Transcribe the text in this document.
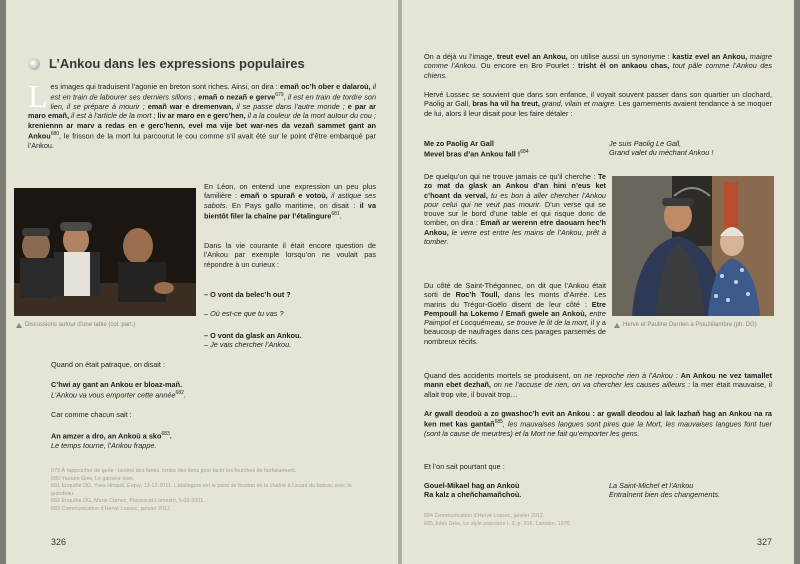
L’Ankou dans les expressions populaires
Les images qui traduisent l’agonie en breton sont riches. Ainsi, on dira : emañ oc’h ober e dalaroù, il est en train de labourer ses derniers sillons ; emañ o nezañ e gerve$^{679}$, il est en train de tordre son lien, il se prépare à mourir ; emañ war e dremenvan, il se passe dans l’autre monde ; e par ar maro emañ, il est à l’article de la mort ; liv ar maro en e gerc’hen, il a la couleur de la mort autour du cou ; kreniennn ar marv a redas en e gerc’henn, evel ma vije bet war-nes da vezañ sammet gant an Ankou$^{680}$, le frisson de la mort lui parcourut le cou comme s’il avait été sur le point d’être embarqué par l’Ankou.
Discussions autour d’une table (col. part.)
En Léon, on entend une expression un peu plus familière : emañ o spurañ e votoù, il astique ses sabots. En Pays gallo maritime, on disait : il va bientôt filer la chaîne par l’étalingure$^{681}$.
Dans la vie courante il était encore question de l’Ankou par exemple lorsqu’on ne voulait pas répondre à un curieux :
– O vont da belec’h out ?
– Où est-ce que tu vas ?
– O vont da glask an Ankou.
– Je vais chercher l’Ankou.
Quand on était patraque, on disait :
C’hwi ay gant an Ankou er bloaz-mañ.
L’Ankou va vous emporter cette année$^{682}$.
Car comme chacun sait :
An amzer a dro, an Ankoù a sko$^{683}$.
Le temps tourne, l’Ankou frappe.
679 À rapprocher de gerle : lanière des fanes, tordre des liens pour lacer les fourches de fanfaisement.
680 Yaouen Gow, Le garoeur ioan.
681 Enquête DG, Yves Hinault, Erquy, 13-12-2011. L’étalingure est le point de fixation de la chaîne à l’avant du bateau avec le guindeau.
682 Enquête DG, Marie Cornec, Plouescat-Lomestri, 5-03-2001.
683 Communication d’Hervé Lossec, janvier 2012.
326
On a déjà vu l’image, treut evel an Ankou, on utilise aussi un synonyme : kastiz evel an Ankou, maigre comme l’Ankou. Ou encore en Bro Pourlet : trisht èl on ankaou chas, tout pâle comme l’Ankou des chiens.
Hervé Lossec se souvient que dans son enfance, il voyait souvent passer dans son quartier un clochard, Paolig ar Gall, bras ha vil ha treut, grand, vilain et maigre. Les garnements avaient tendance à se moquer de lui, alors il leur disait pour les faire détaler :
Me zo Paolig Ar Gall
Mevel bras d’an Ankou fall !$^{684}$
Je suis Paolig Le Gall,
Grand valet du méchant Ankou !
De quelqu’un qui ne trouve jamais ce qu’il cherche : Te zo mat da glask an Ankou d’an hini n’eus ket c’hoant da verval, tu es bon à aller chercher l’Ankou pour celui qui ne veut pas mourir. D’un verse qui se trouve sur le bord d’une table et qui risque donc de tomber, on dira : Emañ ar werenn etre daouarn hec’h Ankou, le verre est entre les mains de l’Ankou, prêt à tomber.
Du côté de Saint-Thégonnec, on dit que l’Ankou était sorti de Roc’h Toull, dans les monts d’Arrée. Les marins du Trégor-Goëlo disent de leur côté : Etre Pempoull ha Lokemo / Emañ gwele an Ankoù, entre Paimpol et Locquémeau, se trouve le lit de la mort, il y a beaucoup de naufrages dans ces parages parsemés de nombreux récifs.
Hervé et Pauline Derrien à Plouzélambre (ph. DG)
Quand des accidents mortels se produisent, on ne reproche rien à l’Ankou : An Ankou ne vez tamallet mann ebet dezhañ, on ne l’accuse de rien, on va chercher les causes ailleurs : la mer était mauvaise, il allait trop vite, il buvait trop…
Ar gwall deodoù a zo gwashoc’h evit an Ankou : ar gwall deodou al lak lazhañ hag an Ankou na ra ken met kas gantañ$^{685}$, les mauvaises langues sont pires que la Mort, les mauvaises langues font tuer (sont la cause de meurtres) et la Mort ne fait qu’emporter les gens.
Et l’on sait pourtant que :
Gouel-Mikael hag an Ankoù
Ra kalz a cheñchamañchoù.
La Saint-Michel et l’Ankou
Entraînent bien des changements.
684 Communication d’Hervé Lossec, janvier 2012.
685 Jules Gros, Le style populaire t. 3, p. 316, Lannion, 1976.
327
